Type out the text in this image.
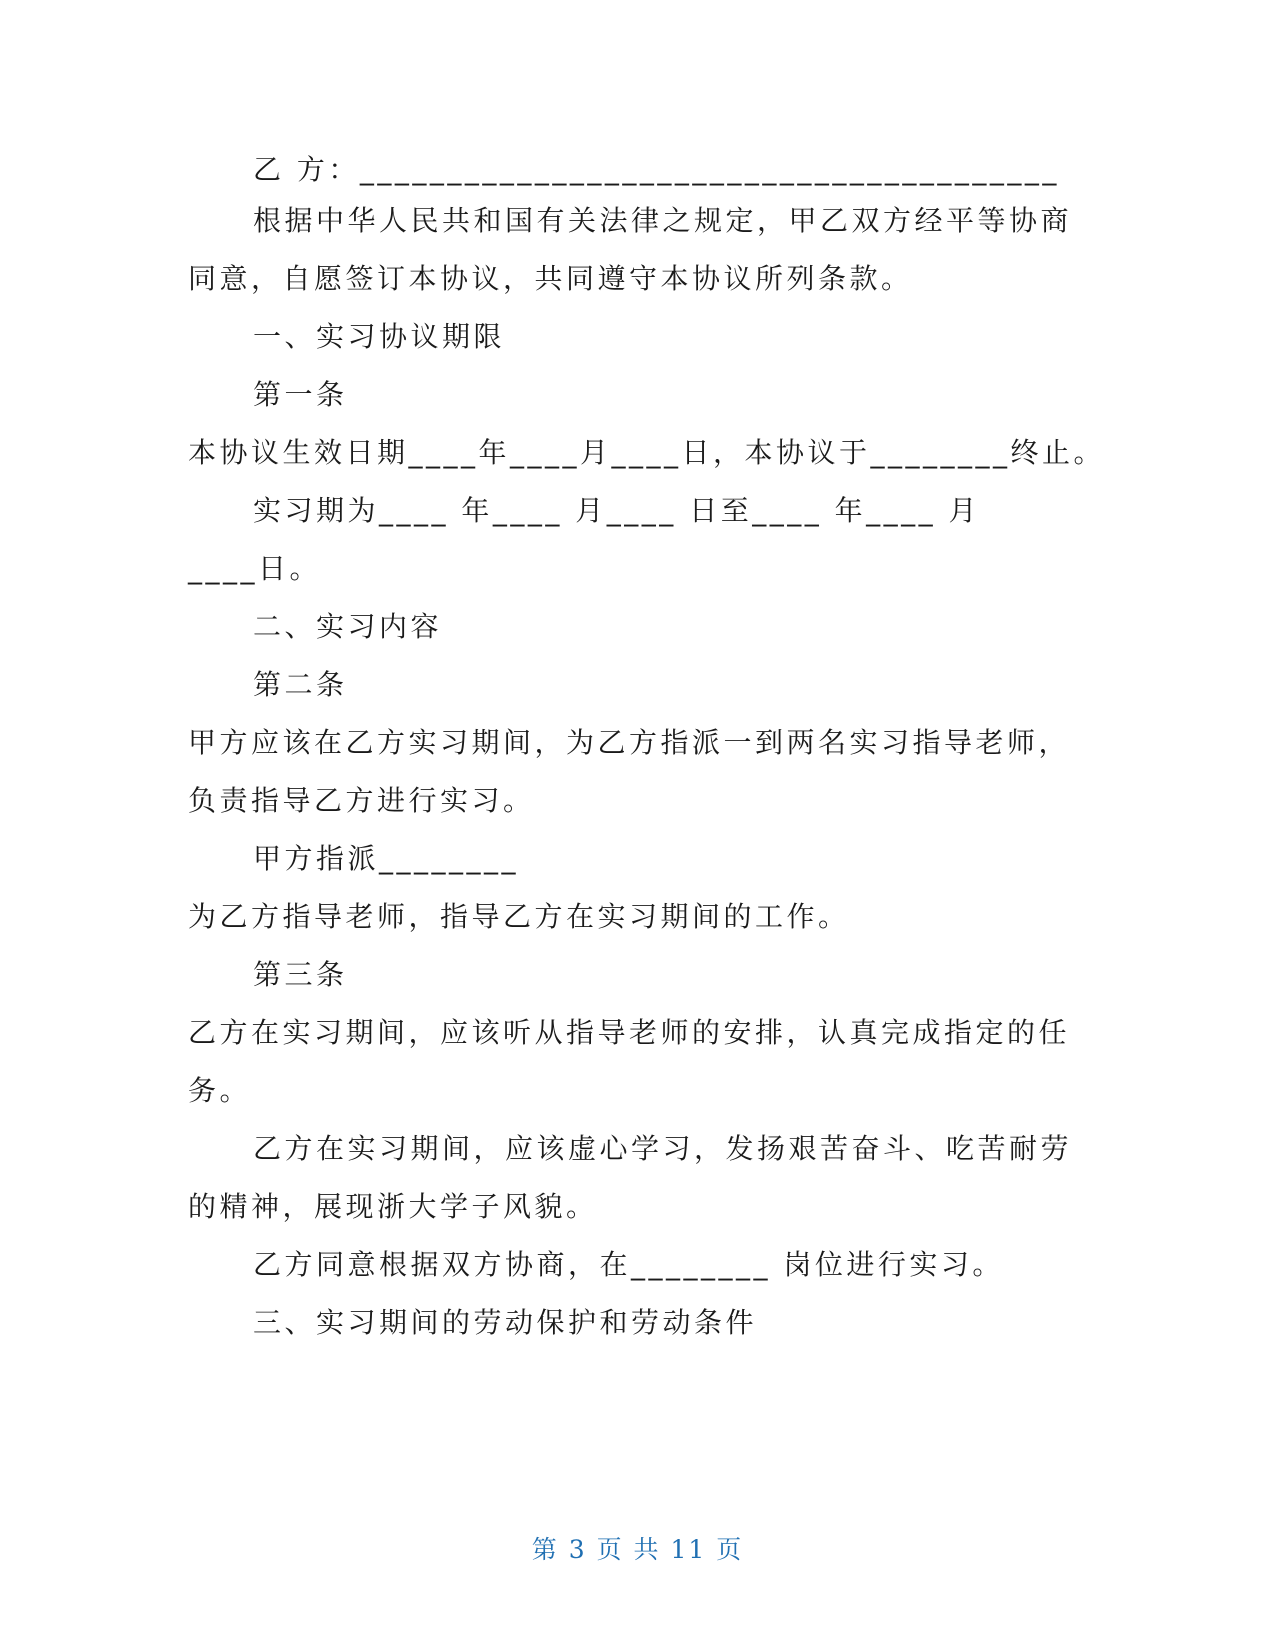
乙 方：________________________________________
根据中华人民共和国有关法律之规定，甲乙双方经平等协商
同意，自愿签订本协议，共同遵守本协议所列条款。
一、实习协议期限
第一条
本协议生效日期____年____月____日，本协议于________终止。
实习期为____ 年____ 月____ 日至____ 年____ 月
____日。
二、实习内容
第二条
甲方应该在乙方实习期间，为乙方指派一到两名实习指导老师，
负责指导乙方进行实习。
甲方指派________
为乙方指导老师，指导乙方在实习期间的工作。
第三条
乙方在实习期间，应该听从指导老师的安排，认真完成指定的任
务。
乙方在实习期间，应该虚心学习，发扬艰苦奋斗、吃苦耐劳
的精神，展现浙大学子风貌。
乙方同意根据双方协商，在________ 岗位进行实习。
三、实习期间的劳动保护和劳动条件
第 3 页 共 11 页
